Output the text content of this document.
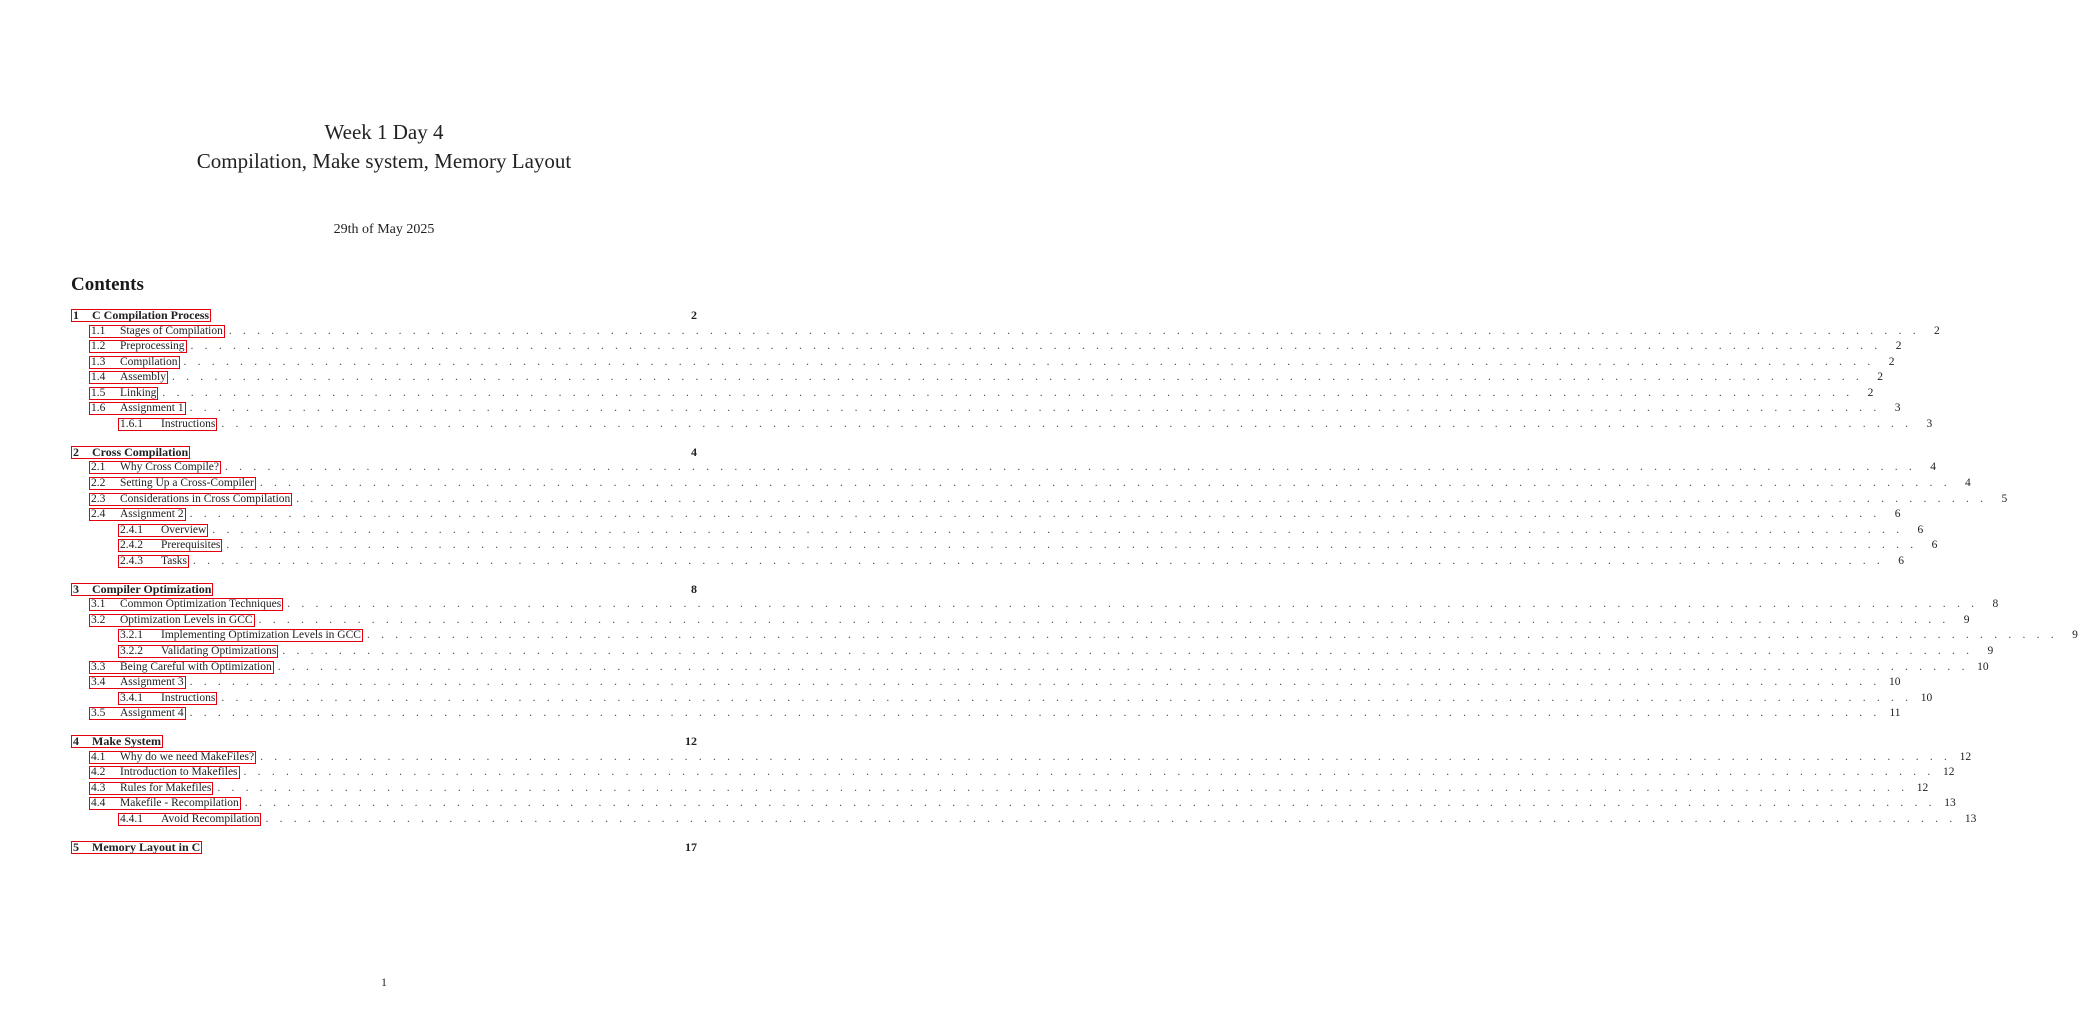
Week 1 Day 4
Compilation, Make system, Memory Layout
29th of May 2025
Contents
1	C Compilation Process	2
1.1	Stages of Compilation . . . . . . . . . . . . . . . . . . . . . . . . . . . . . . . . . . . . . . . . . . . . . . . . . . . . . . . . . . . . . . . . . . . . . . . . . . . . . . . . . . . . . . . . . . . . . . . . . . . . . . . . . . . . . . . . . . . . . . . .	2
1.2	Preprocessing . . . . . . . . . . . . . . . . . . . . . . . . . . . . . . . . . . . . . . . . . . . . . . . . . . . . . . . . . . . . . . . . . . . . . . . . . . . . . . . . . . . . . . . . . . . . . . . . . . . . . . . . . . . . . . . . . . . . . . . .	2
1.3	Compilation . . . . . . . . . . . . . . . . . . . . . . . . . . . . . . . . . . . . . . . . . . . . . . . . . . . . . . . . . . . . . . . . . . . . . . . . . . . . . . . . . . . . . . . . . . . . . . . . . . . . . . . . . . . . . . . . . . . . . . . .	2
1.4	Assembly . . . . . . . . . . . . . . . . . . . . . . . . . . . . . . . . . . . . . . . . . . . . . . . . . . . . . . . . . . . . . . . . . . . . . . . . . . . . . . . . . . . . . . . . . . . . . . . . . . . . . . . . . . . . . . . . . . . . . . . .	2
1.5	Linking . . . . . . . . . . . . . . . . . . . . . . . . . . . . . . . . . . . . . . . . . . . . . . . . . . . . . . . . . . . . . . . . . . . . . . . . . . . . . . . . . . . . . . . . . . . . . . . . . . . . . . . . . . . . . . . . . . . . . . . .	2
1.6	Assignment 1 . . . . . . . . . . . . . . . . . . . . . . . . . . . . . . . . . . . . . . . . . . . . . . . . . . . . . . . . . . . . . . . . . . . . . . . . . . . . . . . . . . . . . . . . . . . . . . . . . . . . . . . . . . . . . . . . . . . . . . . .	3
1.6.1	Instructions . . . . . . . . . . . . . . . . . . . . . . . . . . . . . . . . . . . . . . . . . . . . . . . . . . . . . . . . . . . . . . . . . . . . . . . . . . . . . . . . . . . . . . . . . . . . . . . . . . . . . . . . . . . . . . . . . . . . . . . .	3
2	Cross Compilation	4
2.1	Why Cross Compile? . . . . . . . . . . . . . . . . . . . . . . . . . . . . . . . . . . . . . . . . . . . . . . . . . . . . . . . . . . . . . . . . . . . . . . . . . . . . . . . . . . . . . . . . . . . . . . . . . . . . . . . . . . . . . . . . . . . . . . . .	4
2.2	Setting Up a Cross-Compiler . . . . . . . . . . . . . . . . . . . . . . . . . . . . . . . . . . . . . . . . . . . . . . . . . . . . . . . . . . . . . . . . . . . . . . . . . . . . . . . . . . . . . . . . . . . . . . . . . . . . . . . . . . . . . . . . . . . . . . . .	4
2.3	Considerations in Cross Compilation . . . . . . . . . . . . . . . . . . . . . . . . . . . . . . . . . . . . . . . . . . . . . . . . . . . . . . . . . . . . . . . . . . . . . . . . . . . . . . . . . . . . . . . . . . . . . . . . . . . . . . . . . . . . . . . . . . . . . . . .	5
2.4	Assignment 2 . . . . . . . . . . . . . . . . . . . . . . . . . . . . . . . . . . . . . . . . . . . . . . . . . . . . . . . . . . . . . . . . . . . . . . . . . . . . . . . . . . . . . . . . . . . . . . . . . . . . . . . . . . . . . . . . . . . . . . . .	6
2.4.1	Overview . . . . . . . . . . . . . . . . . . . . . . . . . . . . . . . . . . . . . . . . . . . . . . . . . . . . . . . . . . . . . . . . . . . . . . . . . . . . . . . . . . . . . . . . . . . . . . . . . . . . . . . . . . . . . . . . . . . . . . . .	6
2.4.2	Prerequisites . . . . . . . . . . . . . . . . . . . . . . . . . . . . . . . . . . . . . . . . . . . . . . . . . . . . . . . . . . . . . . . . . . . . . . . . . . . . . . . . . . . . . . . . . . . . . . . . . . . . . . . . . . . . . . . . . . . . . . . .	6
2.4.3	Tasks . . . . . . . . . . . . . . . . . . . . . . . . . . . . . . . . . . . . . . . . . . . . . . . . . . . . . . . . . . . . . . . . . . . . . . . . . . . . . . . . . . . . . . . . . . . . . . . . . . . . . . . . . . . . . . . . . . . . . . . .	6
3	Compiler Optimization	8
3.1	Common Optimization Techniques . . . . . . . . . . . . . . . . . . . . . . . . . . . . . . . . . . . . . . . . . . . . . . . . . . . . . . . . . . . . . . . . . . . . . . . . . . . . . . . . . . . . . . . . . . . . . . . . . . . . . . . . . . . . . . . . . . . . . . . .	8
3.2	Optimization Levels in GCC . . . . . . . . . . . . . . . . . . . . . . . . . . . . . . . . . . . . . . . . . . . . . . . . . . . . . . . . . . . . . . . . . . . . . . . . . . . . . . . . . . . . . . . . . . . . . . . . . . . . . . . . . . . . . . . . . . . . . . . .	9
3.2.1	Implementing Optimization Levels in GCC . . . . . . . . . . . . . . . . . . . . . . . . . . . . . . . . . . . . . . . . . . . . . . . . . . . . . . . . . . . . . . . . . . . . . . . . . . . . . . . . . . . . . . . . . . . . . . . . . . . . . . . . . . . . . . . . . . . . . . . .	9
3.2.2	Validating Optimizations . . . . . . . . . . . . . . . . . . . . . . . . . . . . . . . . . . . . . . . . . . . . . . . . . . . . . . . . . . . . . . . . . . . . . . . . . . . . . . . . . . . . . . . . . . . . . . . . . . . . . . . . . . . . . . . . . . . . . . . .	9
3.3	Being Careful with Optimization . . . . . . . . . . . . . . . . . . . . . . . . . . . . . . . . . . . . . . . . . . . . . . . . . . . . . . . . . . . . . . . . . . . . . . . . . . . . . . . . . . . . . . . . . . . . . . . . . . . . . . . . . . . . . . . . . . . . . . . . 10
3.4	Assignment 3 . . . . . . . . . . . . . . . . . . . . . . . . . . . . . . . . . . . . . . . . . . . . . . . . . . . . . . . . . . . . . . . . . . . . . . . . . . . . . . . . . . . . . . . . . . . . . . . . . . . . . . . . . . . . . . . . . . . . . . . . 10
3.4.1	Instructions . . . . . . . . . . . . . . . . . . . . . . . . . . . . . . . . . . . . . . . . . . . . . . . . . . . . . . . . . . . . . . . . . . . . . . . . . . . . . . . . . . . . . . . . . . . . . . . . . . . . . . . . . . . . . . . . . . . . . . . . 10
3.5	Assignment 4 . . . . . . . . . . . . . . . . . . . . . . . . . . . . . . . . . . . . . . . . . . . . . . . . . . . . . . . . . . . . . . . . . . . . . . . . . . . . . . . . . . . . . . . . . . . . . . . . . . . . . . . . . . . . . . . . . . . . . . . . 11
4	Make System	12
4.1	Why do we need MakeFiles? . . . . . . . . . . . . . . . . . . . . . . . . . . . . . . . . . . . . . . . . . . . . . . . . . . . . . . . . . . . . . . . . . . . . . . . . . . . . . . . . . . . . . . . . . . . . . . . . . . . . . . . . . . . . . . . . . . . . . . . . 12
4.2	Introduction to Makefiles . . . . . . . . . . . . . . . . . . . . . . . . . . . . . . . . . . . . . . . . . . . . . . . . . . . . . . . . . . . . . . . . . . . . . . . . . . . . . . . . . . . . . . . . . . . . . . . . . . . . . . . . . . . . . . . . . . . . . . . . 12
4.3	Rules for Makefiles . . . . . . . . . . . . . . . . . . . . . . . . . . . . . . . . . . . . . . . . . . . . . . . . . . . . . . . . . . . . . . . . . . . . . . . . . . . . . . . . . . . . . . . . . . . . . . . . . . . . . . . . . . . . . . . . . . . . . . . . 12
4.4	Makefile - Recompilation . . . . . . . . . . . . . . . . . . . . . . . . . . . . . . . . . . . . . . . . . . . . . . . . . . . . . . . . . . . . . . . . . . . . . . . . . . . . . . . . . . . . . . . . . . . . . . . . . . . . . . . . . . . . . . . . . . . . . . . . 13
4.4.1	Avoid Recompilation . . . . . . . . . . . . . . . . . . . . . . . . . . . . . . . . . . . . . . . . . . . . . . . . . . . . . . . . . . . . . . . . . . . . . . . . . . . . . . . . . . . . . . . . . . . . . . . . . . . . . . . . . . . . . . . . . . . . . . . . 13
5	Memory Layout in C	17
1
